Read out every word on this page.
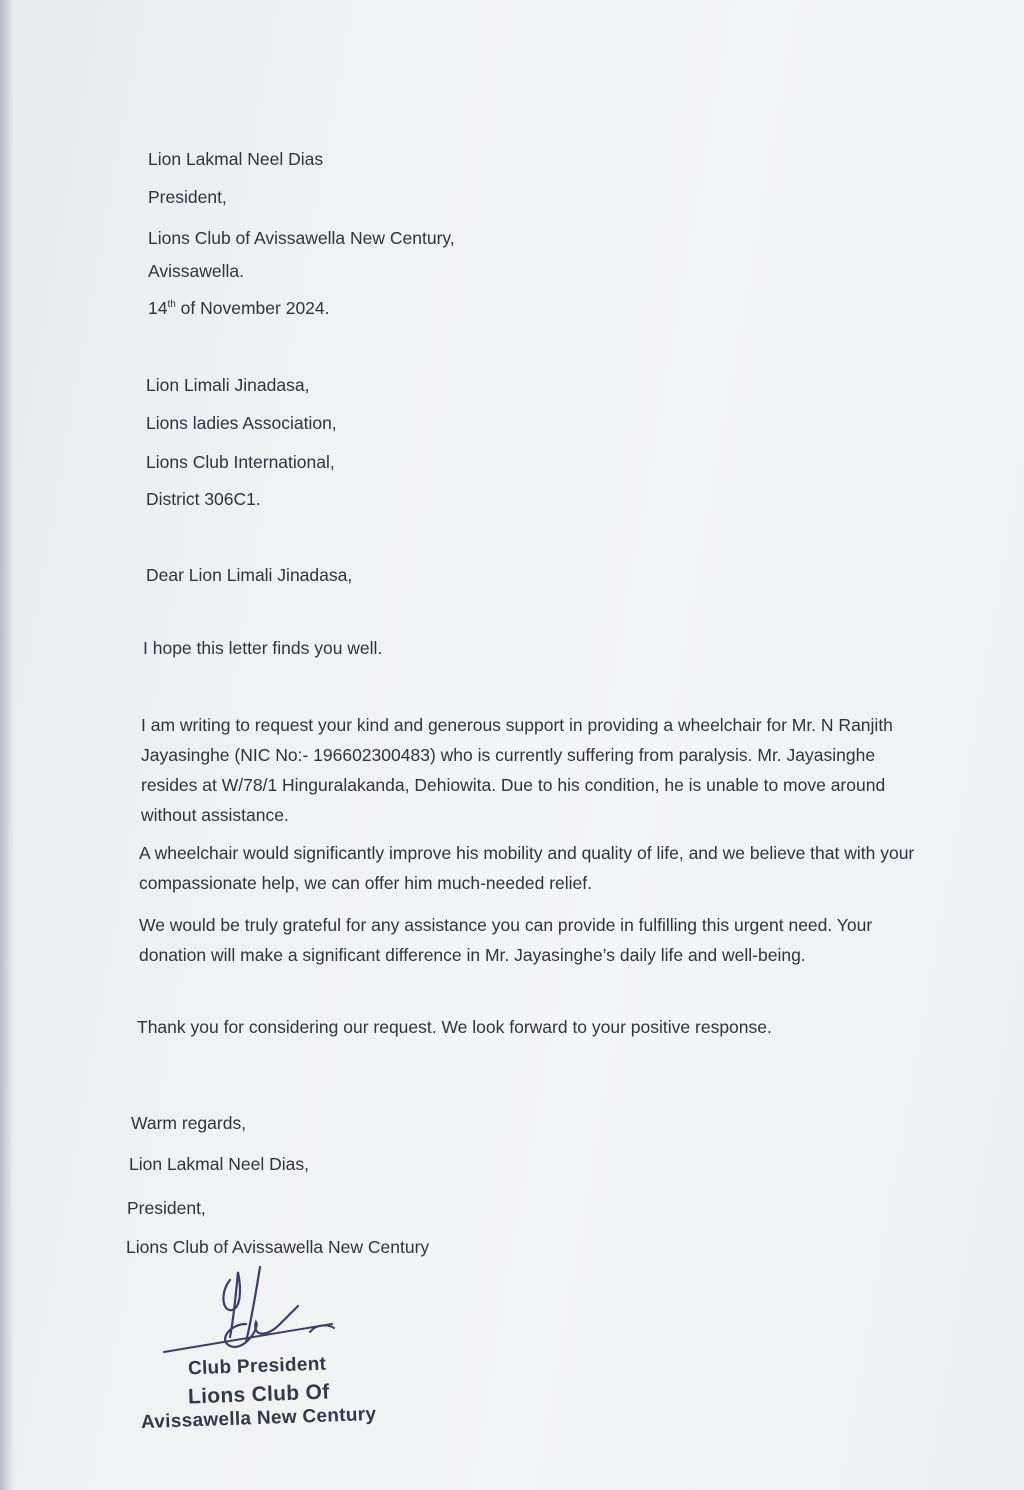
Lion Lakmal Neel Dias
President,
Lions Club of Avissawella New Century,
Avissawella.
14th of November 2024.
Lion Limali Jinadasa,
Lions ladies Association,
Lions Club International,
District 306C1.
Dear Lion Limali Jinadasa,
I hope this letter finds you well.
I am writing to request your kind and generous support in providing a wheelchair for Mr. N Ranjith Jayasinghe (NIC No:- 196602300483) who is currently suffering from paralysis. Mr. Jayasinghe resides at W/78/1 Hinguralakanda, Dehiowita. Due to his condition, he is unable to move around without assistance.
A wheelchair would significantly improve his mobility and quality of life, and we believe that with your compassionate help, we can offer him much-needed relief.
We would be truly grateful for any assistance you can provide in fulfilling this urgent need. Your donation will make a significant difference in Mr. Jayasinghe’s daily life and well-being.
Thank you for considering our request. We look forward to your positive response.
Warm regards,
Lion Lakmal Neel Dias,
President,
Lions Club of Avissawella New Century
Club President
Lions Club Of
Avissawella New Century
